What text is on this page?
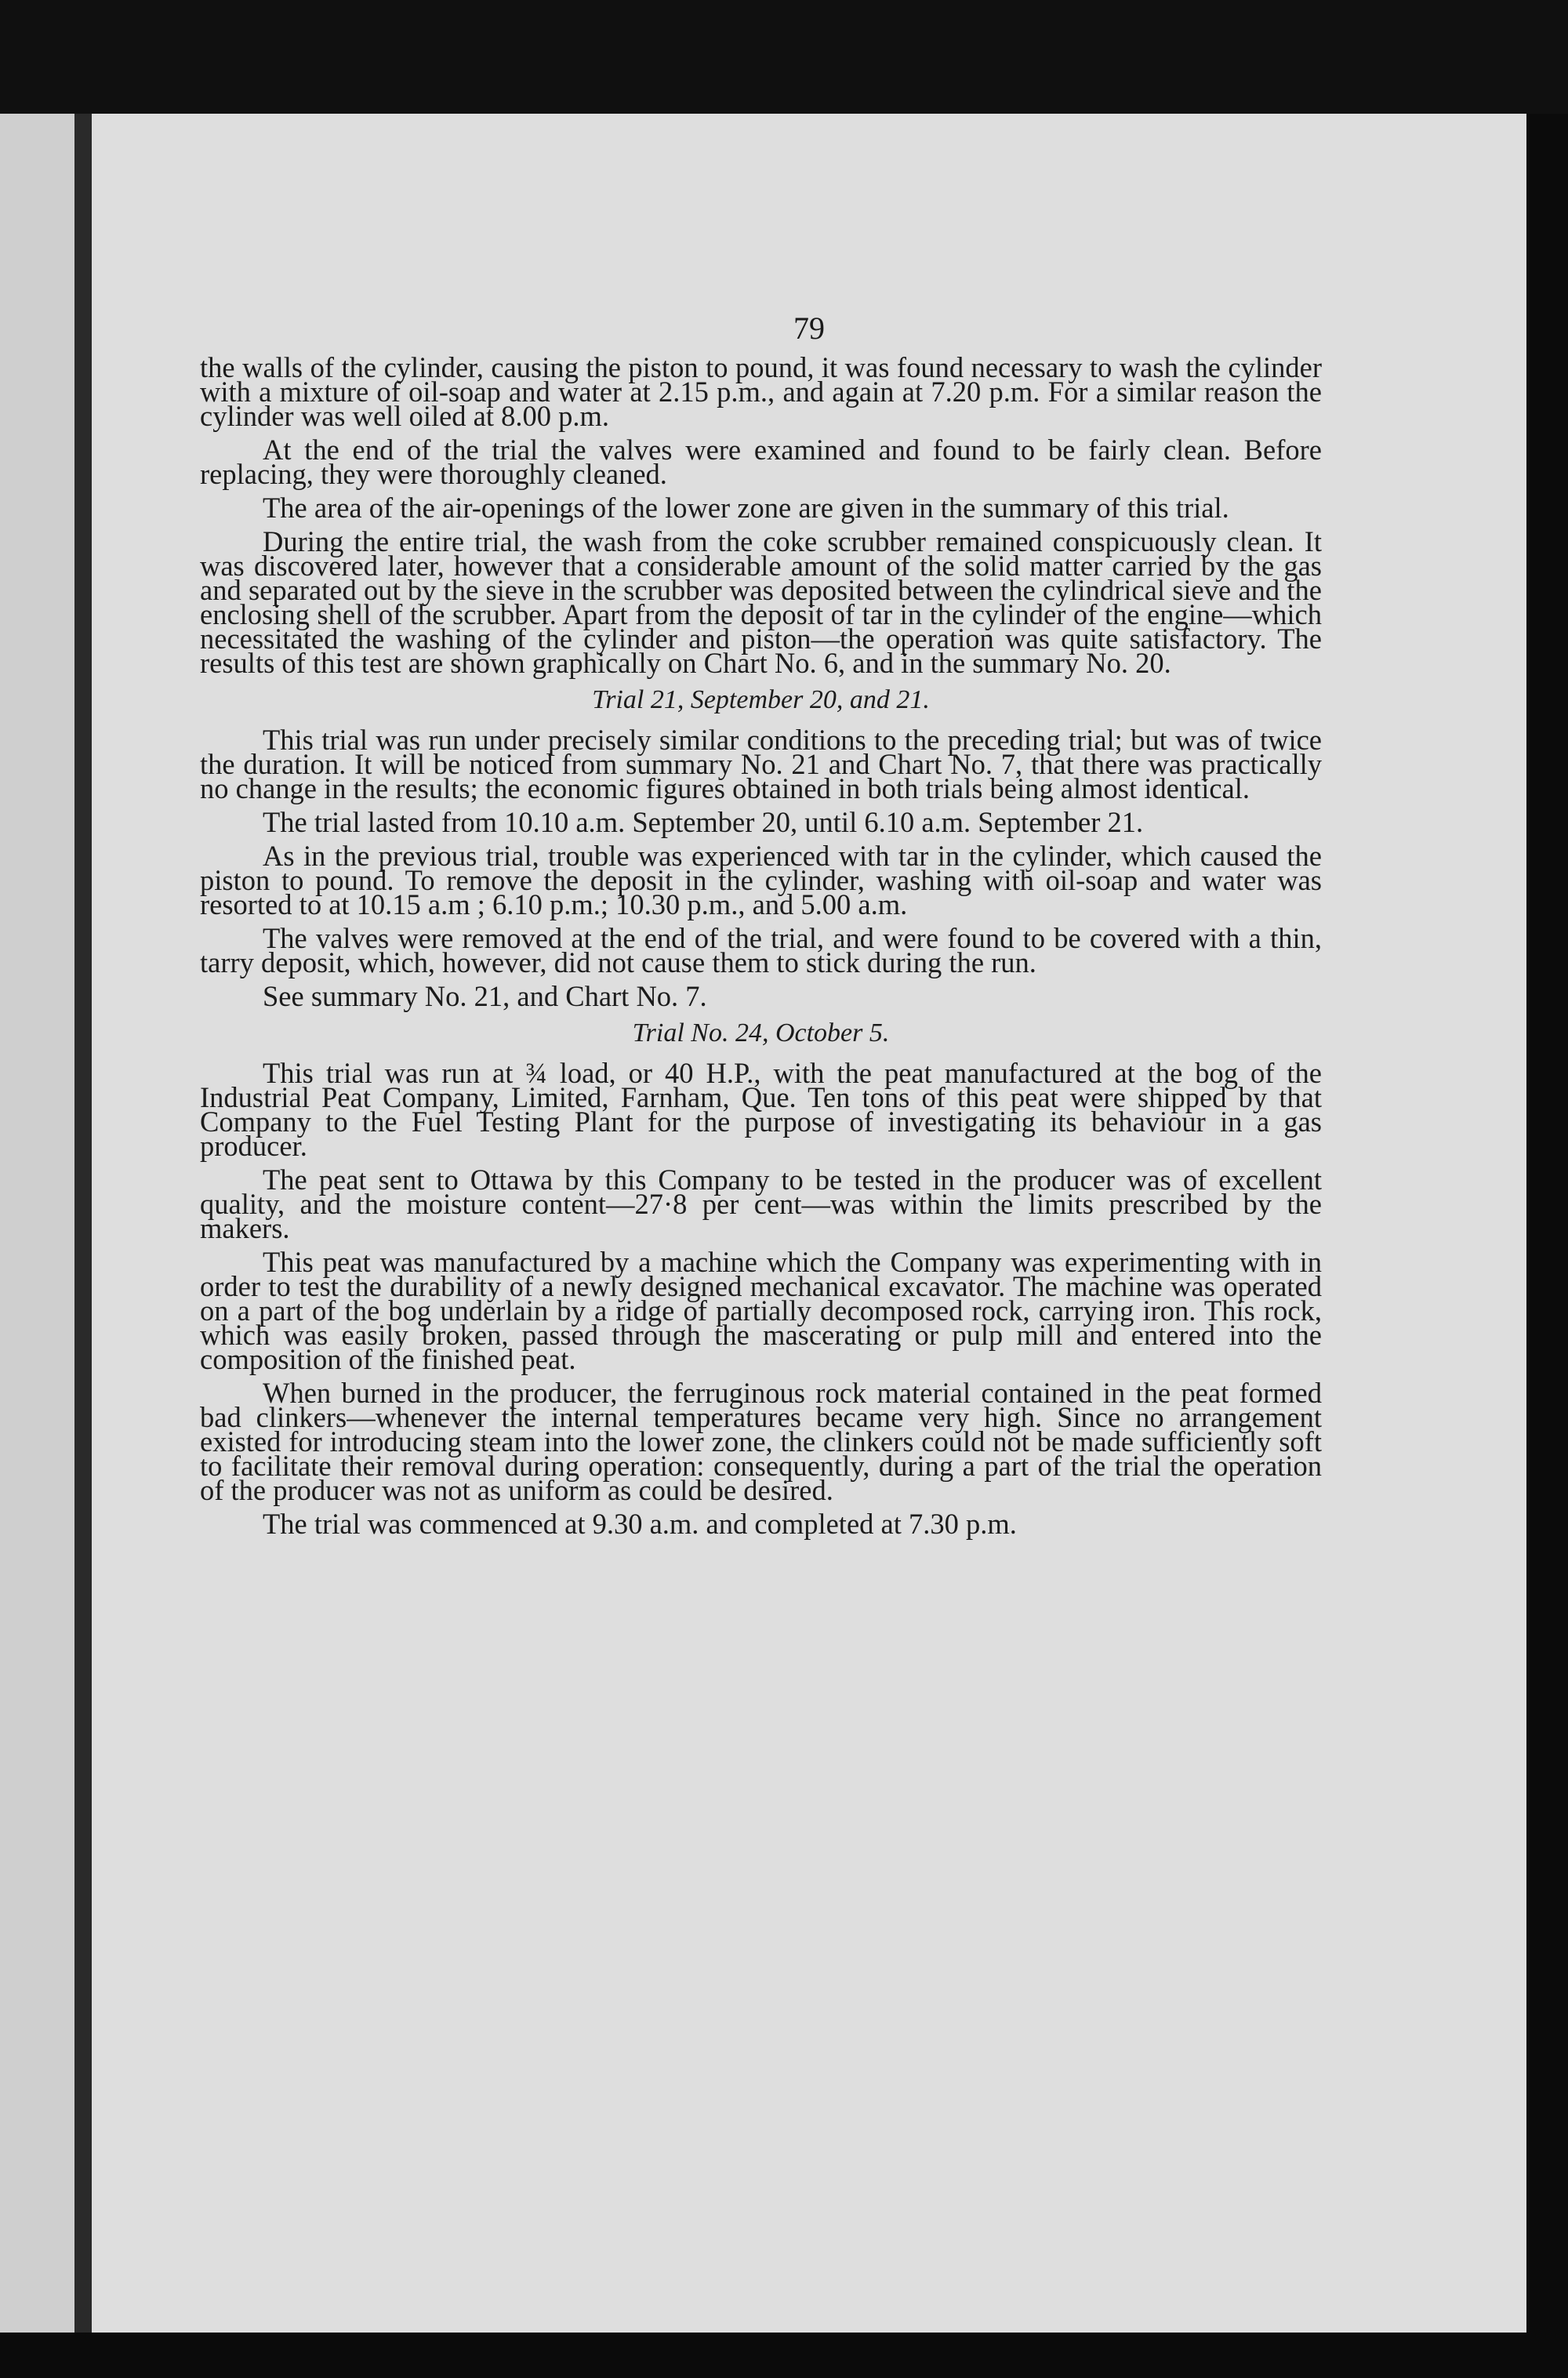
79

the walls of the cylinder, causing the piston to pound, it was found necessary to wash the cylinder with a mixture of oil-soap and water at 2.15 p.m., and again at 7.20 p.m. For a similar reason the cylinder was well oiled at 8.00 p.m.

At the end of the trial the valves were examined and found to be fairly clean. Before replacing, they were thoroughly cleaned.

The area of the air-openings of the lower zone are given in the summary of this trial.

During the entire trial, the wash from the coke scrubber remained conspicuously clean. It was discovered later, however that a considerable amount of the solid matter carried by the gas and separated out by the sieve in the scrubber was deposited between the cylindrical sieve and the enclosing shell of the scrubber. Apart from the deposit of tar in the cylinder of the engine—which necessitated the washing of the cylinder and piston—the operation was quite satisfactory. The results of this test are shown graphically on Chart No. 6, and in the summary No. 20.

Trial 21, September 20, and 21.

This trial was run under precisely similar conditions to the preceding trial; but was of twice the duration. It will be noticed from summary No. 21 and Chart No. 7, that there was practically no change in the results; the economic figures obtained in both trials being almost identical.

The trial lasted from 10.10 a.m. September 20, until 6.10 a.m. September 21.

As in the previous trial, trouble was experienced with tar in the cylinder, which caused the piston to pound. To remove the deposit in the cylinder, washing with oil-soap and water was resorted to at 10.15 a.m ; 6.10 p.m.; 10.30 p.m., and 5.00 a.m.

The valves were removed at the end of the trial, and were found to be covered with a thin, tarry deposit, which, however, did not cause them to stick during the run.

See summary No. 21, and Chart No. 7.

Trial No. 24, October 5.

This trial was run at ¾ load, or 40 H.P., with the peat manufactured at the bog of the Industrial Peat Company, Limited, Farnham, Que. Ten tons of this peat were shipped by that Company to the Fuel Testing Plant for the purpose of investigating its behaviour in a gas producer.

The peat sent to Ottawa by this Company to be tested in the producer was of excellent quality, and the moisture content—27·8 per cent—was within the limits prescribed by the makers.

This peat was manufactured by a machine which the Company was experimenting with in order to test the durability of a newly designed mechanical excavator. The machine was operated on a part of the bog underlain by a ridge of partially decomposed rock, carrying iron. This rock, which was easily broken, passed through the mascerating or pulp mill and entered into the composition of the finished peat.

When burned in the producer, the ferruginous rock material contained in the peat formed bad clinkers—whenever the internal temperatures became very high. Since no arrangement existed for introducing steam into the lower zone, the clinkers could not be made sufficiently soft to facilitate their removal during operation: consequently, during a part of the trial the operation of the producer was not as uniform as could be desired.

The trial was commenced at 9.30 a.m. and completed at 7.30 p.m.
